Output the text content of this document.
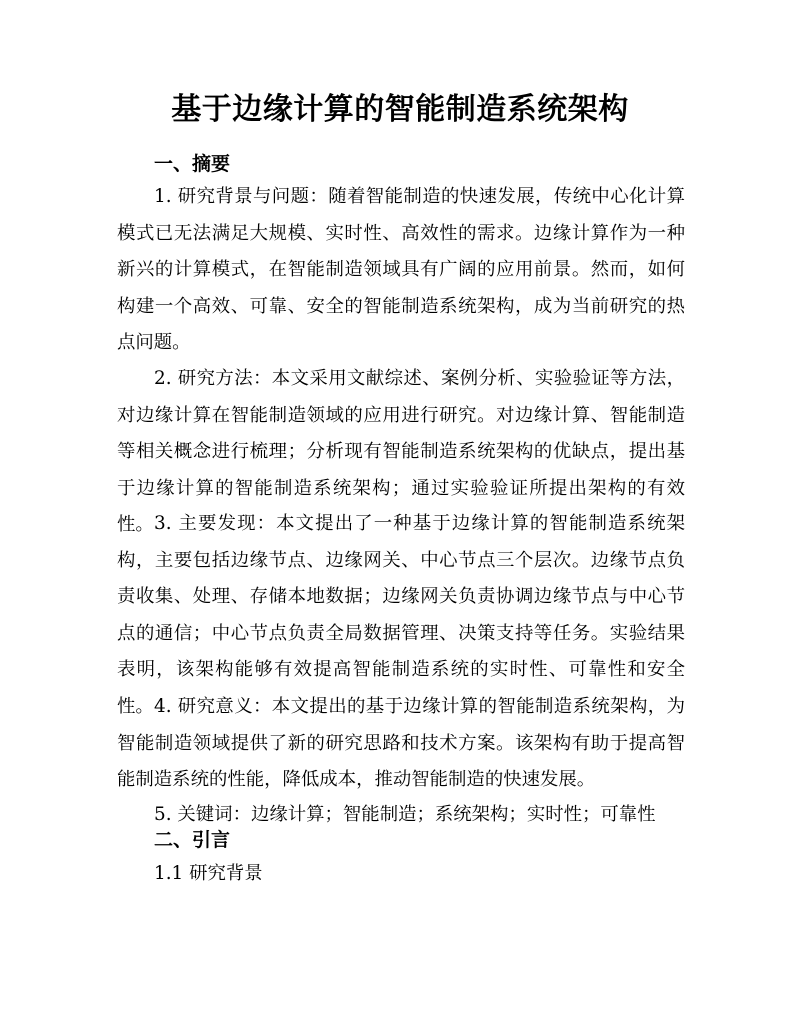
基于边缘计算的智能制造系统架构
一、摘要

1. 研究背景与问题：随着智能制造的快速发展，传统中心化计算模式已无法满足大规模、实时性、高效性的需求。边缘计算作为一种新兴的计算模式，在智能制造领域具有广阔的应用前景。然而，如何构建一个高效、可靠、安全的智能制造系统架构，成为当前研究的热点问题。

2. 研究方法：本文采用文献综述、案例分析、实验验证等方法，对边缘计算在智能制造领域的应用进行研究。对边缘计算、智能制造等相关概念进行梳理；分析现有智能制造系统架构的优缺点，提出基于边缘计算的智能制造系统架构；通过实验验证所提出架构的有效性。 3. 主要发现：本文提出了一种基于边缘计算的智能制造系统架构，主要包括边缘节点、边缘网关、中心节点三个层次。边缘节点负责收集、处理、存储本地数据；边缘网关负责协调边缘节点与中心节点的通信；中心节点负责全局数据管理、决策支持等任务。实验结果表明，该架构能够有效提高智能制造系统的实时性、可靠性和安全性。 4. 研究意义：本文提出的基于边缘计算的智能制造系统架构，为智能制造领域提供了新的研究思路和技术方案。该架构有助于提高智能制造系统的性能，降低成本，推动智能制造的快速发展。

5. 关键词：边缘计算；智能制造；系统架构；实时性；可靠性

二、引言
1.1 研究背景
